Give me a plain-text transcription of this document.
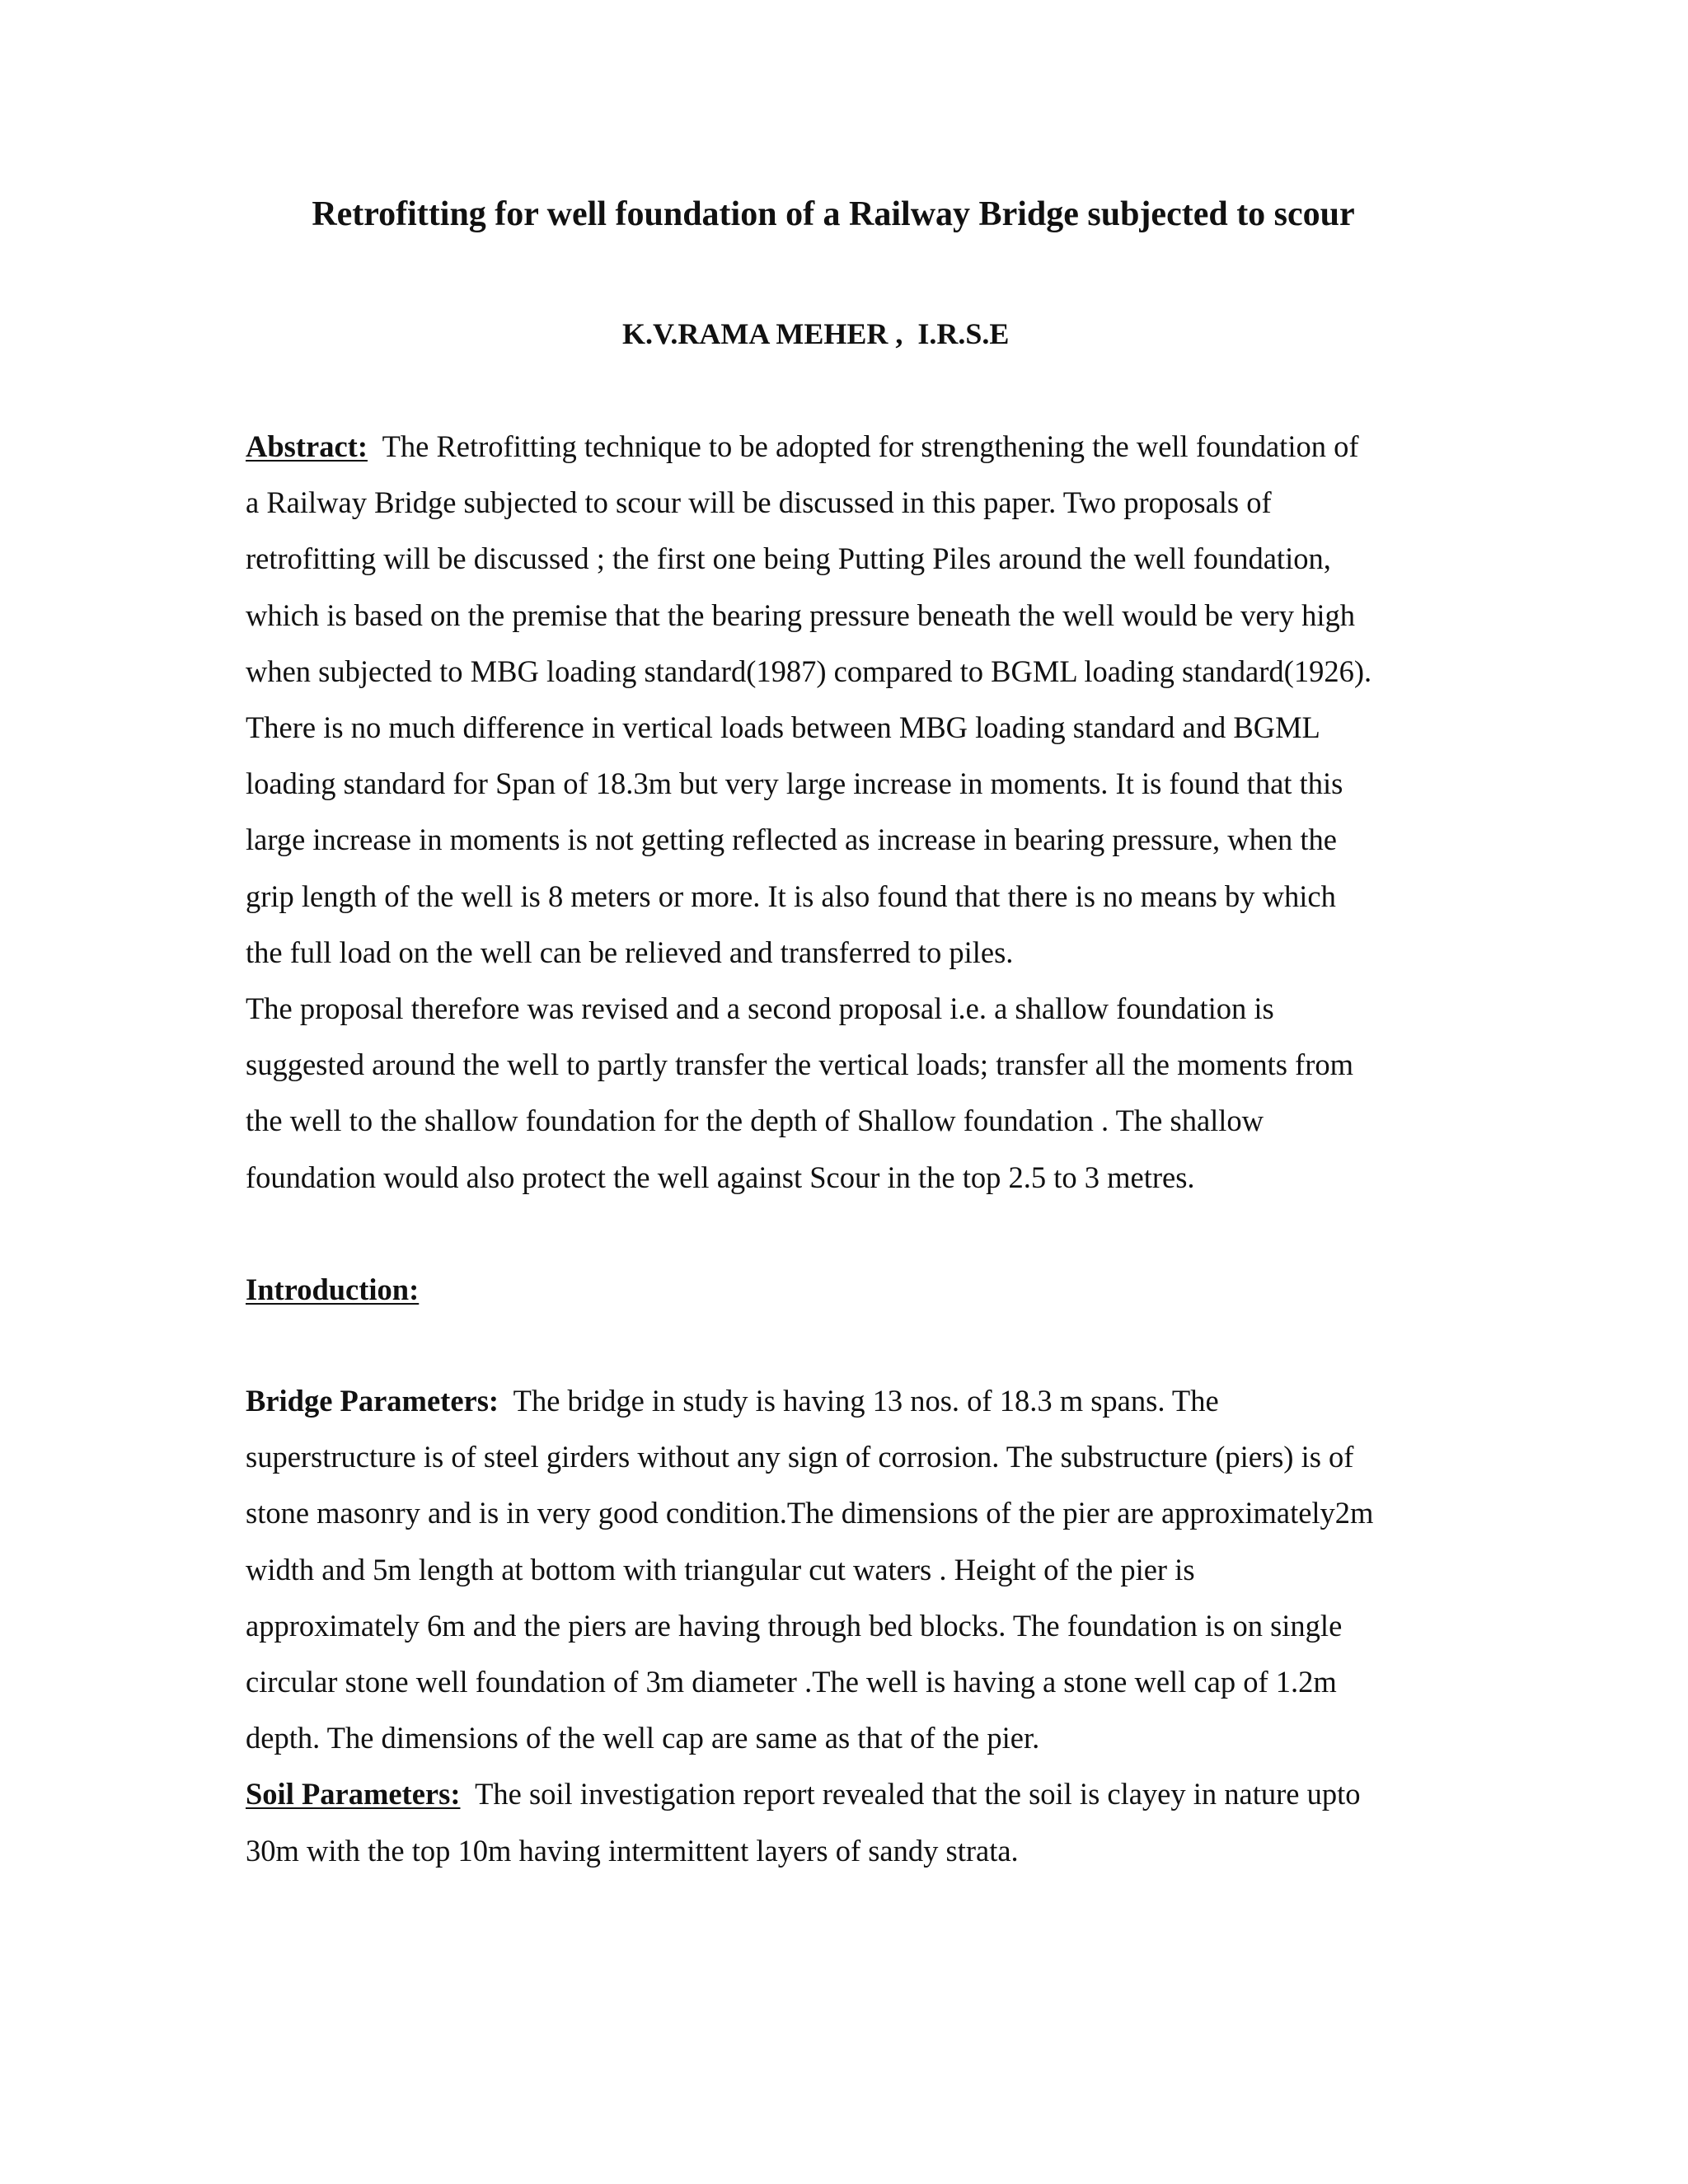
Retrofitting for well foundation of a Railway Bridge subjected to scour

K.V.RAMA MEHER ,  I.R.S.E

Abstract:  The Retrofitting technique to be adopted for strengthening the well foundation of
a Railway Bridge subjected to scour will be discussed in this paper. Two proposals of
retrofitting will be discussed ; the first one being Putting Piles around the well foundation,
which is based on the premise that the bearing pressure beneath the well would be very high
when subjected to MBG loading standard(1987) compared to BGML loading standard(1926).
There is no much difference in vertical loads between MBG loading standard and BGML
loading standard for Span of 18.3m but very large increase in moments. It is found that this
large increase in moments is not getting reflected as increase in bearing pressure, when the
grip length of the well is 8 meters or more. It is also found that there is no means by which
the full load on the well can be relieved and transferred to piles.
The proposal therefore was revised and a second proposal i.e. a shallow foundation is
suggested around the well to partly transfer the vertical loads; transfer all the moments from
the well to the shallow foundation for the depth of Shallow foundation . The shallow
foundation would also protect the well against Scour in the top 2.5 to 3 metres.
Introduction:
Bridge Parameters:  The bridge in study is having 13 nos. of 18.3 m spans. The
superstructure is of steel girders without any sign of corrosion. The substructure (piers) is of
stone masonry and is in very good condition.The dimensions of the pier are approximately2m
width and 5m length at bottom with triangular cut waters . Height of the pier is
approximately 6m and the piers are having through bed blocks. The foundation is on single
circular stone well foundation of 3m diameter .The well is having a stone well cap of 1.2m
depth. The dimensions of the well cap are same as that of the pier.
Soil Parameters:  The soil investigation report revealed that the soil is clayey in nature upto
30m with the top 10m having intermittent layers of sandy strata.
